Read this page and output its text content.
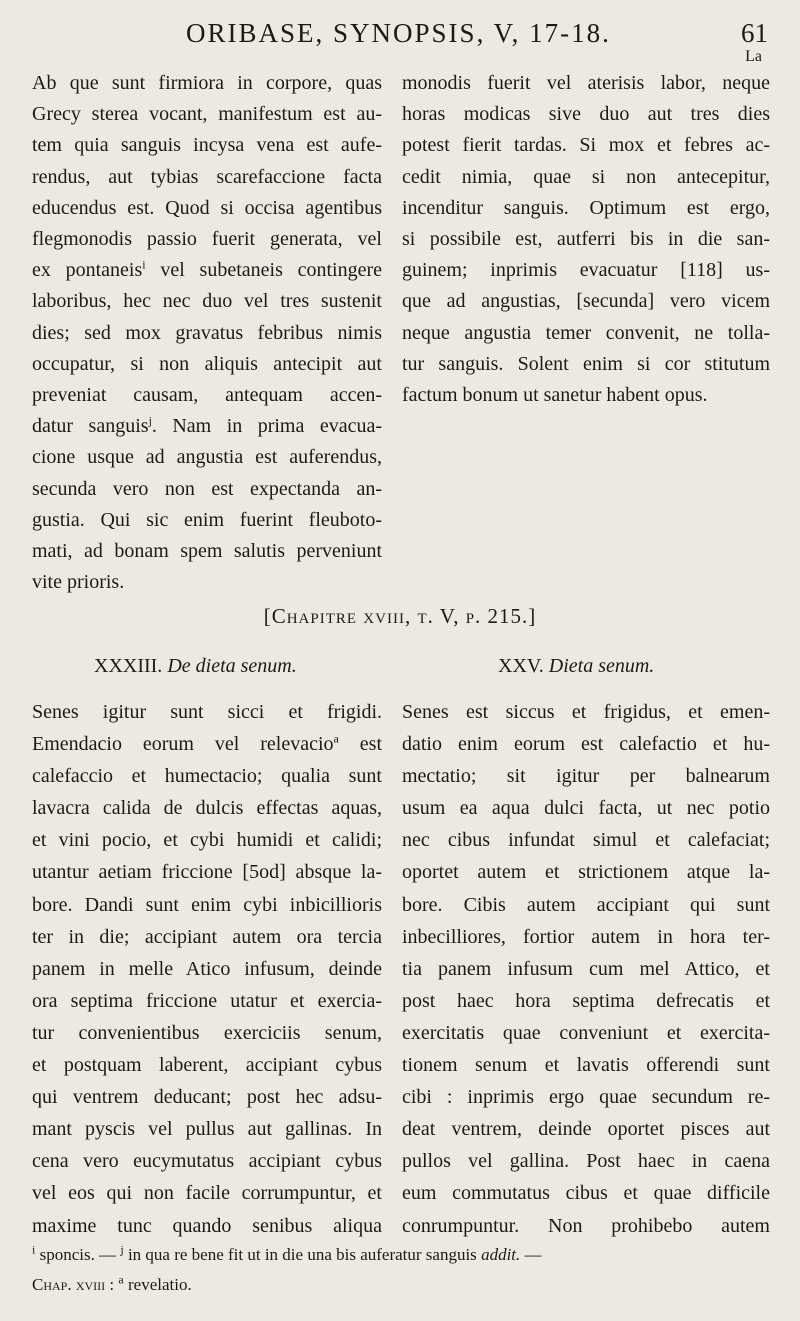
ORIBASE, SYNOPSIS, V, 17-18.	61
La
Ab que sunt firmiora in corpore, quas
Grecy sterea vocant, manifestum est au-
tem quia sanguis incysa vena est aufe-
rendus, aut tybias scarefaccione facta
educendus est. Quod si occisa agentibus
flegmonodis passio fuerit generata, vel
ex pontaneis$^i$ vel subetaneis contingere
laboribus, hec nec duo vel tres sustenit
dies; sed mox gravatus febribus nimis
occupatur, si non aliquis antecipit aut
preveniat causam, antequam accen-
datur sanguis$^j$. Nam in prima evacua-
cione usque ad angustia est auferendus,
secunda vero non est expectanda an-
gustia. Qui sic enim fuerint fleuboto-
mati, ad bonam spem salutis perveniunt
vite prioris.
monodis fuerit vel aterisis labor, neque
horas modicas sive duo aut tres dies
potest fierit tardas. Si mox et febres ac-
cedit nimia, quae si non antecepitur,
incenditur sanguis. Optimum est ergo,
si possibile est, autferri bis in die san-
guinem; inprimis evacuatur [118] us-
que ad angustias, [secunda] vero vicem
neque angustia temer convenit, ne tolla-
tur sanguis. Solent enim si cor stitutum
factum bonum ut sanetur habent opus.
[Chapitre xviii, t. V, p. 215.]
XXXIII. De dieta senum.	XXV. Dieta senum.
Senes igitur sunt sicci et frigidi.
Emendacio eorum vel relevacio$^a$ est
calefaccio et humectacio; qualia sunt
lavacra calida de dulcis effectas aquas,
et vini pocio, et cybi humidi et calidi;
utantur aetiam friccione [5od] absque la-
bore. Dandi sunt enim cybi inbicillioris
ter in die; accipiant autem ora tercia
panem in melle Atico infusum, deinde
ora septima friccione utatur et exercia-
tur convenientibus exerciciis senum,
et postquam laberent, accipiant cybus
qui ventrem deducant; post hec adsu-
mant pyscis vel pullus aut gallinas. In
cena vero eucymutatus accipiant cybus
vel eos qui non facile corrumpuntur, et
maxime tunc quando senibus aliqua
Senes est siccus et frigidus, et emen-
datio enim eorum est calefactio et hu-
mectatio; sit igitur per balnearum
usum ea aqua dulci facta, ut nec potio
nec cibus infundat simul et calefaciat;
oportet autem et strictionem atque la-
bore. Cibis autem accipiant qui sunt
inbecilliores, fortior autem in hora ter-
tia panem infusum cum mel Attico, et
post haec hora septima defrecatis et
exercitatis quae conveniunt et exercita-
tionem senum et lavatis offerendi sunt
cibi : inprimis ergo quae secundum re-
deat ventrem, deinde oportet pisces aut
pullos vel gallina. Post haec in caena
eum commutatus cibus et quae difficile
conrumpuntur. Non prohibebo autem
$^i$ sponcis. — $^j$ in qua re bene fit ut in die una bis auferatur sanguis addit. —
Chap. xviii : $^a$ revelatio.
